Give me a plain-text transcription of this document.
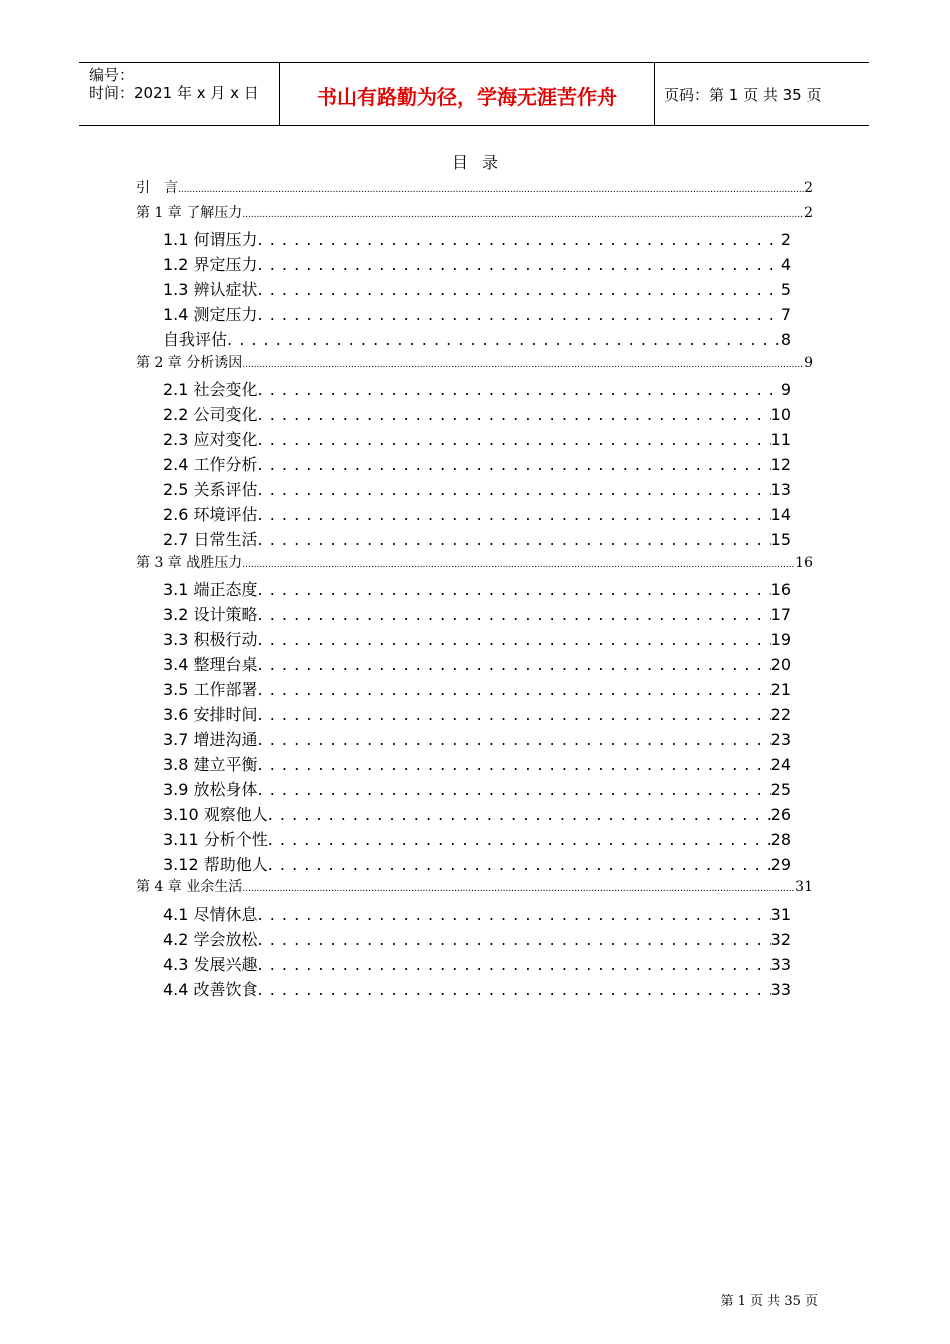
编号：
时间：2021 年 x 月 x 日	书山有路勤为径，学海无涯苦作舟	页码：第 1 页 共 35 页
目录
引　言 .....	2
第 1 章 了解压力 .....	2
1.1 何谓压力 . . .	2
1.2 界定压力 . . .	4
1.3 辨认症状 . . .	5
1.4 测定压力 . . .	7
自我评估 . . .	8
第 2 章 分析诱因 .....	9
2.1 社会变化 . . .	9
2.2 公司变化 . . .	10
2.3 应对变化 . . .	11
2.4 工作分析 . . .	12
2.5 关系评估 . . .	13
2.6 环境评估 . . .	14
2.7 日常生活 . . .	15
第 3 章 战胜压力 .....	16
3.1 端正态度 . . .	16
3.2 设计策略 . . .	17
3.3 积极行动 . . .	19
3.4 整理台桌 . . .	20
3.5 工作部署 . . .	21
3.6 安排时间 . . .	22
3.7 增进沟通 . . .	23
3.8 建立平衡 . . .	24
3.9 放松身体 . . .	25
3.10 观察他人 . . .	26
3.11 分析个性 . . .	28
3.12 帮助他人 . . .	29
第 4 章 业余生活 .....	31
4.1 尽情休息 . . .	31
4.2 学会放松 . . .	32
4.3 发展兴趣 . . .	33
4.4 改善饮食 . . .	33
第 1 页 共 35 页
